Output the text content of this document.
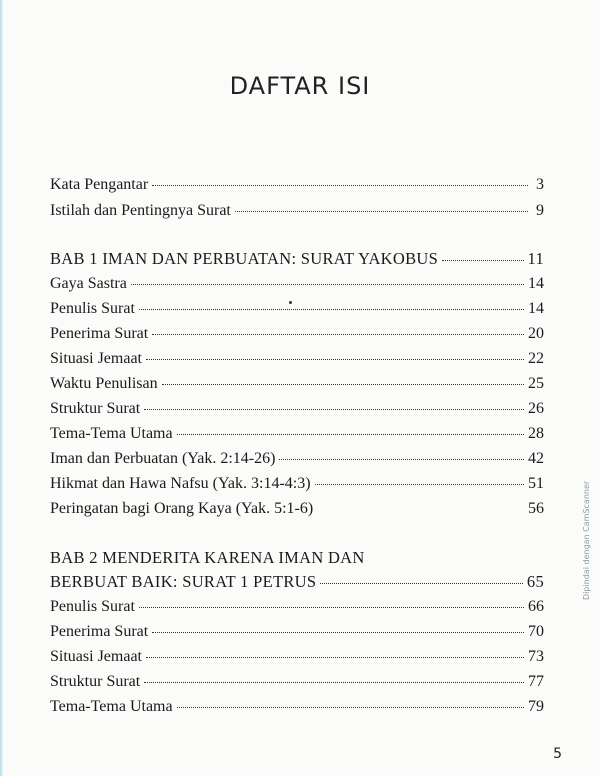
DAFTAR ISI
Kata Pengantar	3
Istilah dan Pentingnya Surat	9
BAB 1 IMAN DAN PERBUATAN: SURAT YAKOBUS	11
Gaya Sastra	14
Penulis Surat	14
Penerima Surat	20
Situasi Jemaat	22
Waktu Penulisan	25
Struktur Surat	26
Tema-Tema Utama	28
Iman dan Perbuatan (Yak. 2:14-26)	42
Hikmat dan Hawa Nafsu (Yak. 3:14-4:3)	51
Peringatan bagi Orang Kaya (Yak. 5:1-6)	56
BAB 2 MENDERITA KARENA IMAN DAN
BERBUAT BAIK: SURAT 1 PETRUS	65
Penulis Surat	66
Penerima Surat	70
Situasi Jemaat	73
Struktur Surat	77
Tema-Tema Utama	79
5
Dipindai dengan CamScanner
